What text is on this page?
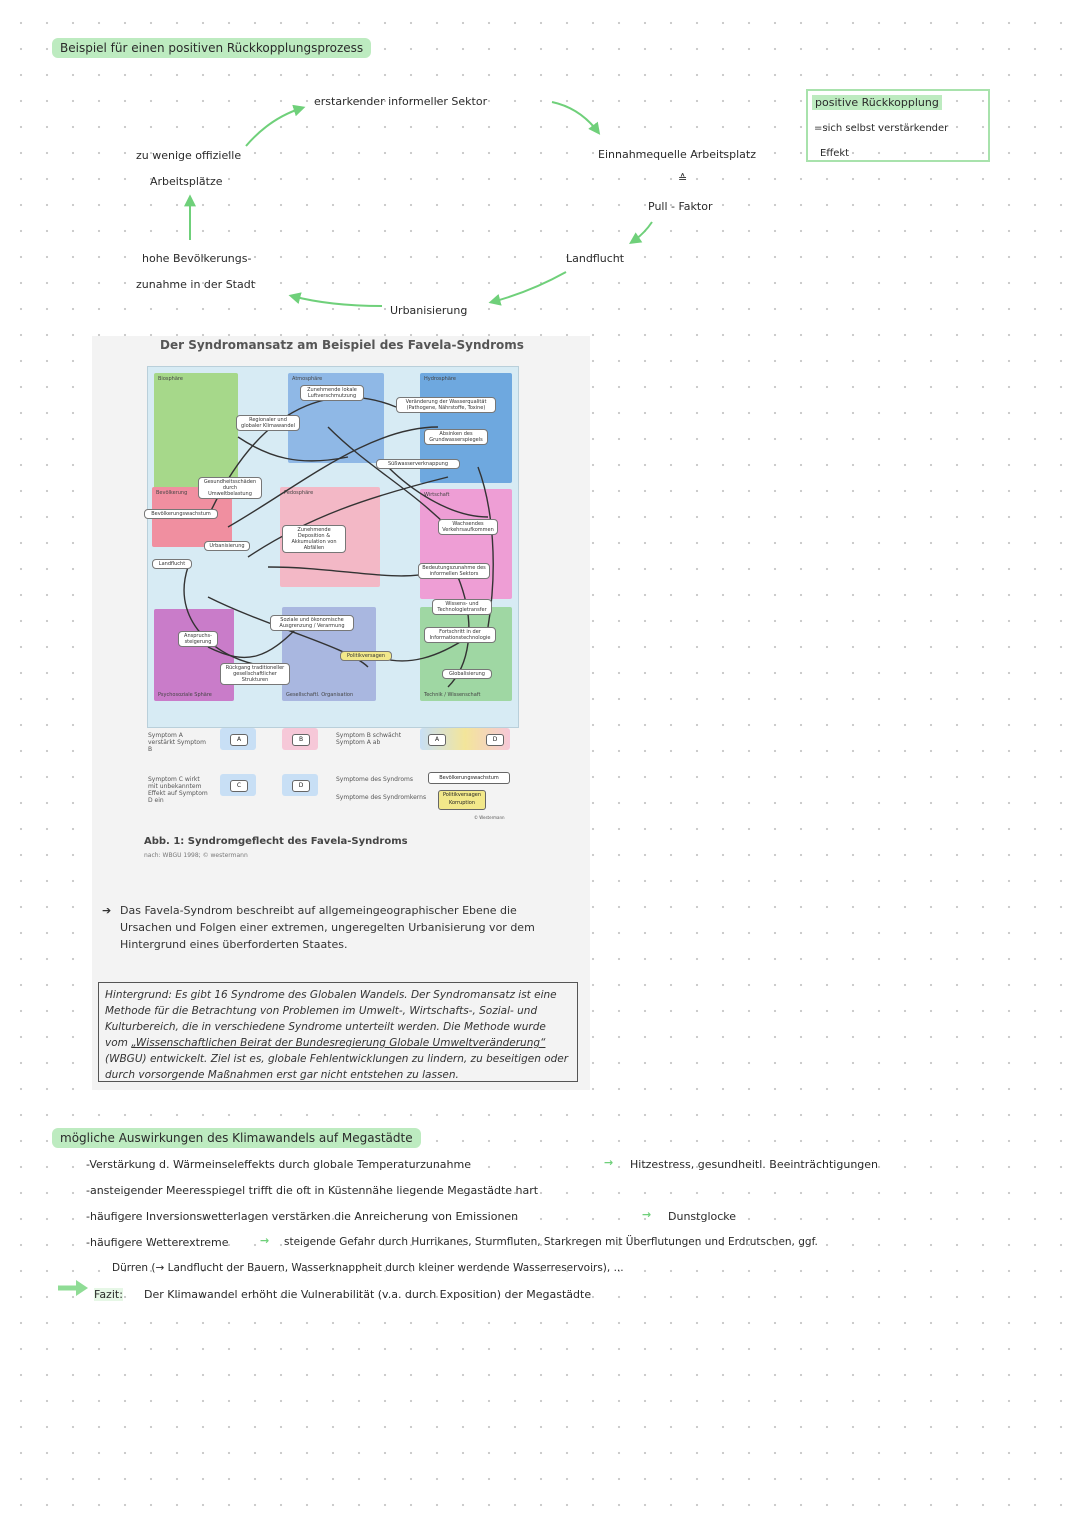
Beispiel für einen positiven Rückkopplungsprozess
erstarkender informeller Sektor
zu wenige offizielle
Arbeitsplätze
Einnahmequelle Arbeitsplatz
≙
Pull - Faktor
Landflucht
hohe Bevölkerungs-
zunahme in der Stadt
Urbanisierung
positive Rückkopplung
=sich selbst verstärkender
Effekt
Der Syndromansatz am Beispiel des Favela-Syndroms
Biosphäre	Atmosphäre	Hydrosphäre
Bevölkerung	Pedosphäre	Wirtschaft
Psychosoziale Sphäre	Gesellschaftl. Organisation	Technik / Wissenschaft
Zunehmende lokale Luftverschmutzung
Regionaler und globaler Klimawandel
Veränderung der Wasserqualität (Pathogene, Nährstoffe, Toxine)
Absinken des Grundwasserspiegels
Süßwasserverknappung
Gesundheitsschäden durch Umweltbelastung
Bevölkerungswachstum
Urbanisierung
Landflucht
Zunehmende Deposition & Akkumulation von Abfällen
Wachsendes Verkehrsaufkommen
Bedeutungszunahme des informellen Sektors
Wissens- und Technologietransfer
Fortschritt in der Informationstechnologie
Anspruchs-steigerung
Soziale und ökonomische Ausgrenzung / Verarmung
Politikversagen
Rückgang traditioneller gesellschaftlicher Strukturen
Globalisierung
Symptom A verstärkt Symptom B
A	B
Symptom B schwächt Symptom A ab	A	D
Symptom C wirkt mit unbekanntem Effekt auf Symptom D ein
C	D
Symptome des Syndroms
Symptome des Syndromkerns
Bevölkerungswachstum
Politikversagen Korruption
© Westermann
Abb. 1: Syndromgeflecht des Favela-Syndroms
nach: WBGU 1998; © westermann
➔ Das Favela-Syndrom beschreibt auf allgemeingeographischer Ebene die Ursachen und Folgen einer extremen, ungeregelten Urbanisierung vor dem Hintergrund eines überforderten Staates.
Hintergrund: Es gibt 16 Syndrome des Globalen Wandels. Der Syndromansatz ist eine Methode für die Betrachtung von Problemen im Umwelt-, Wirtschafts-, Sozial- und Kulturbereich, die in verschiedene Syndrome unterteilt werden. Die Methode wurde vom „Wissenschaftlichen Beirat der Bundesregierung Globale Umweltveränderung“ (WBGU) entwickelt. Ziel ist es, globale Fehlentwicklungen zu lindern, zu beseitigen oder durch vorsorgende Maßnahmen erst gar nicht entstehen zu lassen.
mögliche Auswirkungen des Klimawandels auf Megastädte
-Verstärkung d. Wärmeinseleffekts durch globale Temperaturzunahme	→ Hitzestress, gesundheitl. Beeinträchtigungen
-ansteigender Meeresspiegel trifft die oft in Küstennähe liegende Megastädte hart
-häufigere Inversionswetterlagen verstärken die Anreicherung von Emissionen	→ Dunstglocke
-häufigere Wetterextreme	→ steigende Gefahr durch Hurrikanes, Sturmfluten, Starkregen mit Überflutungen und Erdrutschen, ggf.
Dürren (→ Landflucht der Bauern, Wasserknappheit durch kleiner werdende Wasserreservoirs), ...
Fazit: Der Klimawandel erhöht die Vulnerabilität (v.a. durch Exposition) der Megastädte
